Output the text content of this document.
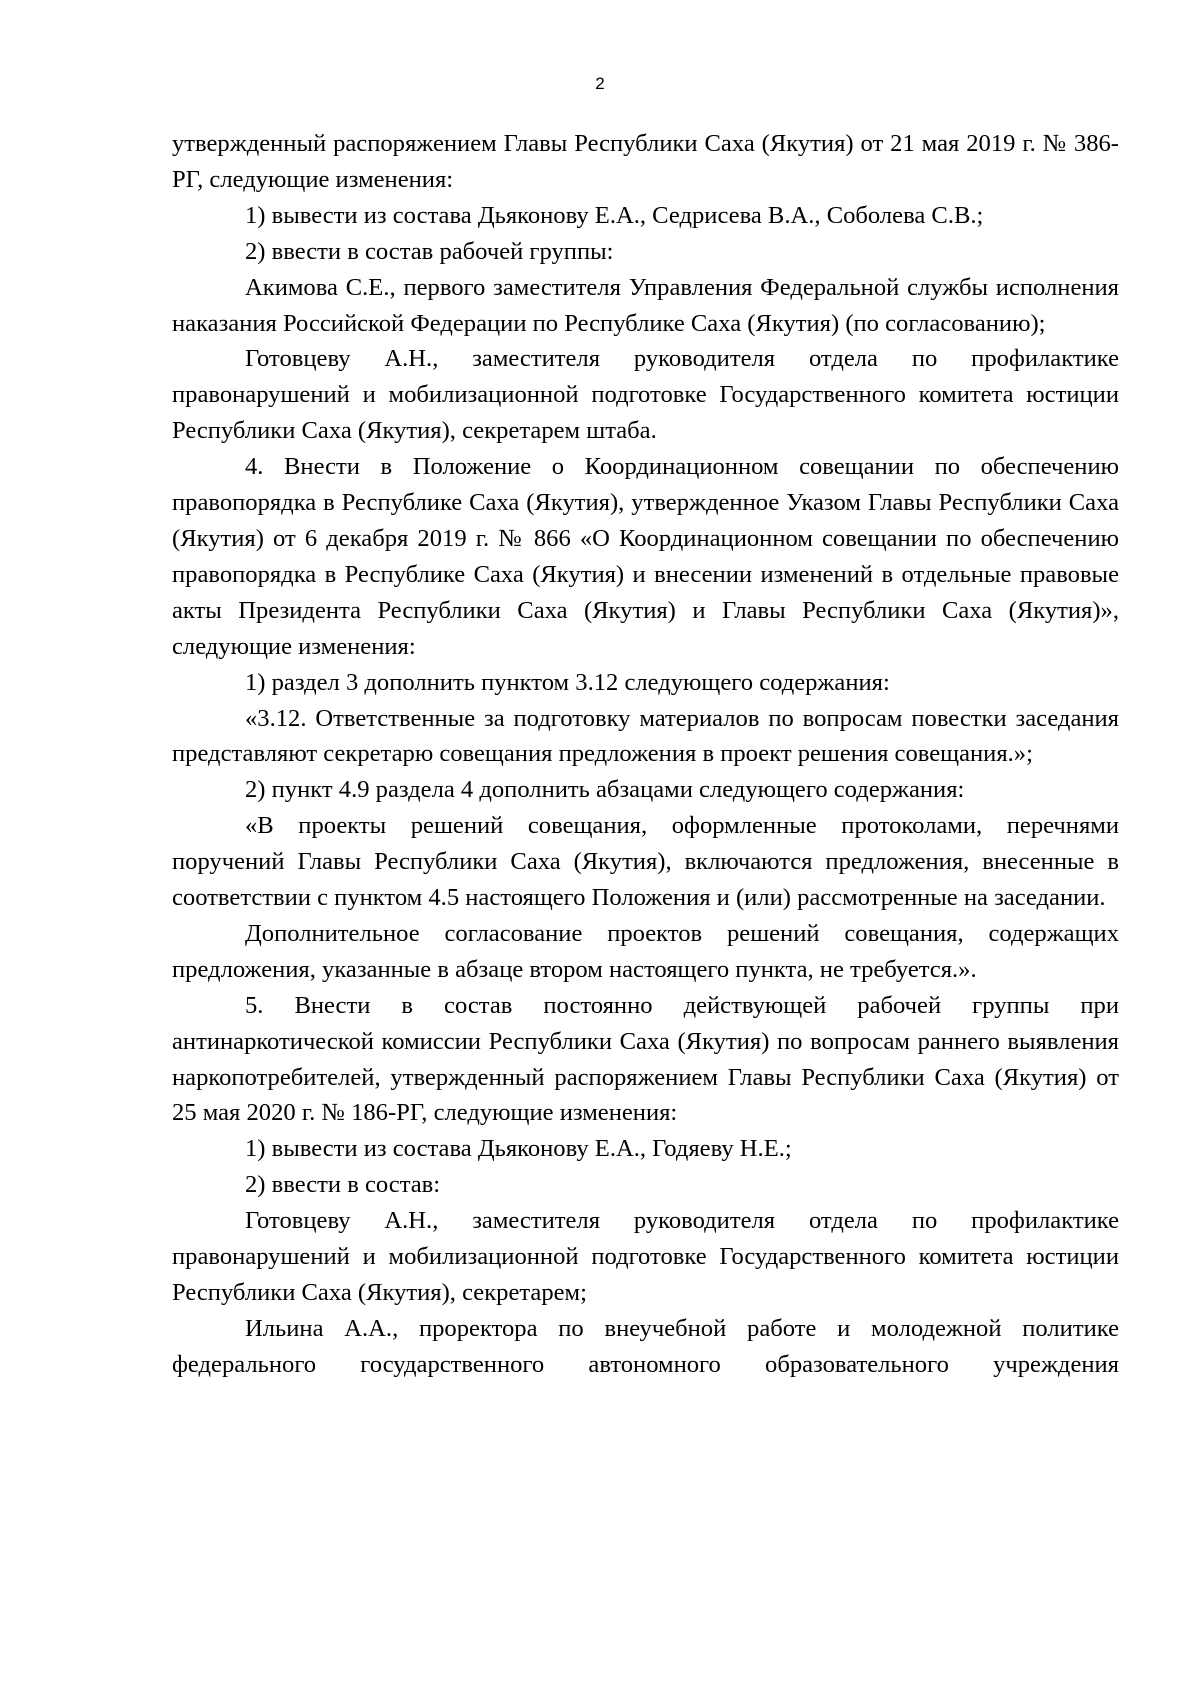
2

утвержденный распоряжением Главы Республики Саха (Якутия) от 21 мая 2019 г. № 386-РГ, следующие изменения:

1) вывести из состава Дьяконову Е.А., Седрисева В.А., Соболева С.В.;

2) ввести в состав рабочей группы:

Акимова С.Е., первого заместителя Управления Федеральной службы исполнения наказания Российской Федерации по Республике Саха (Якутия) (по согласованию);

Готовцеву А.Н., заместителя руководителя отдела по профилактике правонарушений и мобилизационной подготовке Государственного комитета юстиции Республики Саха (Якутия), секретарем штаба.

4. Внести в Положение о Координационном совещании по обеспечению правопорядка в Республике Саха (Якутия), утвержденное Указом Главы Республики Саха (Якутия) от 6 декабря 2019 г. № 866 «О Координационном совещании по обеспечению правопорядка в Республике Саха (Якутия) и внесении изменений в отдельные правовые акты Президента Республики Саха (Якутия) и Главы Республики Саха (Якутия)», следующие изменения:

1) раздел 3 дополнить пунктом 3.12 следующего содержания:

«3.12. Ответственные за подготовку материалов по вопросам повестки заседания представляют секретарю совещания предложения в проект решения совещания.»;

2) пункт 4.9 раздела 4 дополнить абзацами следующего содержания:

«В проекты решений совещания, оформленные протоколами, перечнями поручений Главы Республики Саха (Якутия), включаются предложения, внесенные в соответствии с пунктом 4.5 настоящего Положения и (или) рассмотренные на заседании.

Дополнительное согласование проектов решений совещания, содержащих предложения, указанные в абзаце втором настоящего пункта, не требуется.».

5. Внести в состав постоянно действующей рабочей группы при антинаркотической комиссии Республики Саха (Якутия) по вопросам раннего выявления наркопотребителей, утвержденный распоряжением Главы Республики Саха (Якутия) от 25 мая 2020 г. № 186-РГ, следующие изменения:

1) вывести из состава Дьяконову Е.А., Годяеву Н.Е.;

2) ввести в состав:

Готовцеву А.Н., заместителя руководителя отдела по профилактике правонарушений и мобилизационной подготовке Государственного комитета юстиции Республики Саха (Якутия), секретарем;

Ильина А.А., проректора по внеучебной работе и молодежной политике федерального государственного автономного образовательного учреждения
